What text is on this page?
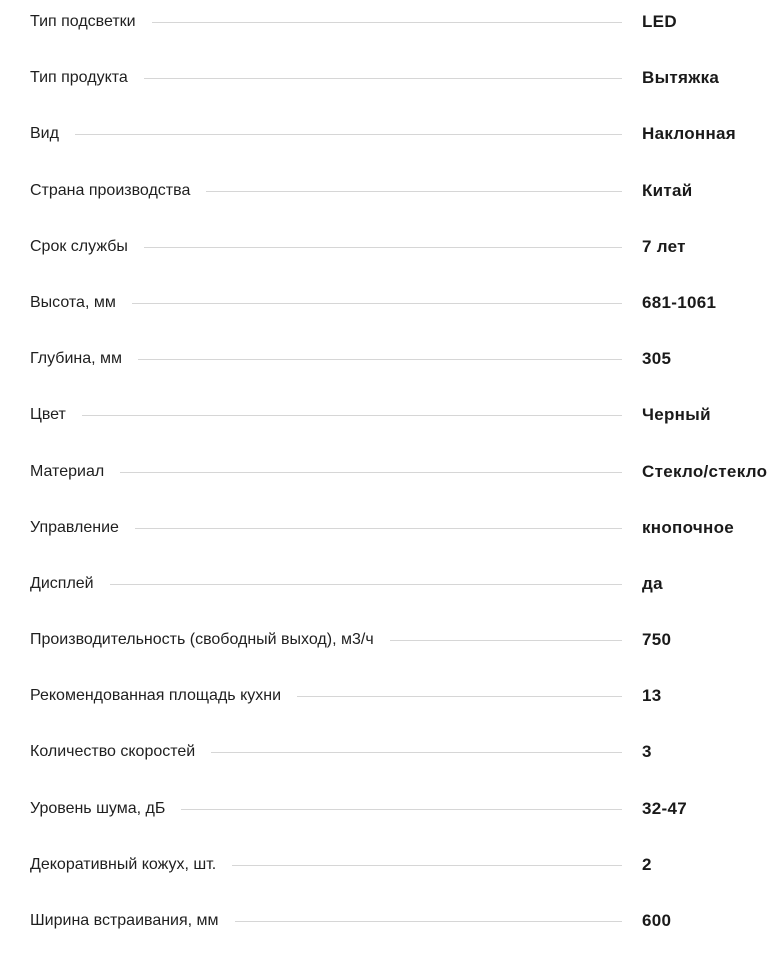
Тип подсветки	LED
Тип продукта	Вытяжка
Вид	Наклонная
Страна производства	Китай
Срок службы	7 лет
Высота, мм	681-1061
Глубина, мм	305
Цвет	Черный
Материал	Стекло/стекло
Управление	кнопочное
Дисплей	да
Производительность (свободный выход), м3/ч	750
Рекомендованная площадь кухни	13
Количество скоростей	3
Уровень шума, дБ	32-47
Декоративный кожух, шт.	2
Ширина встраивания, мм	600
